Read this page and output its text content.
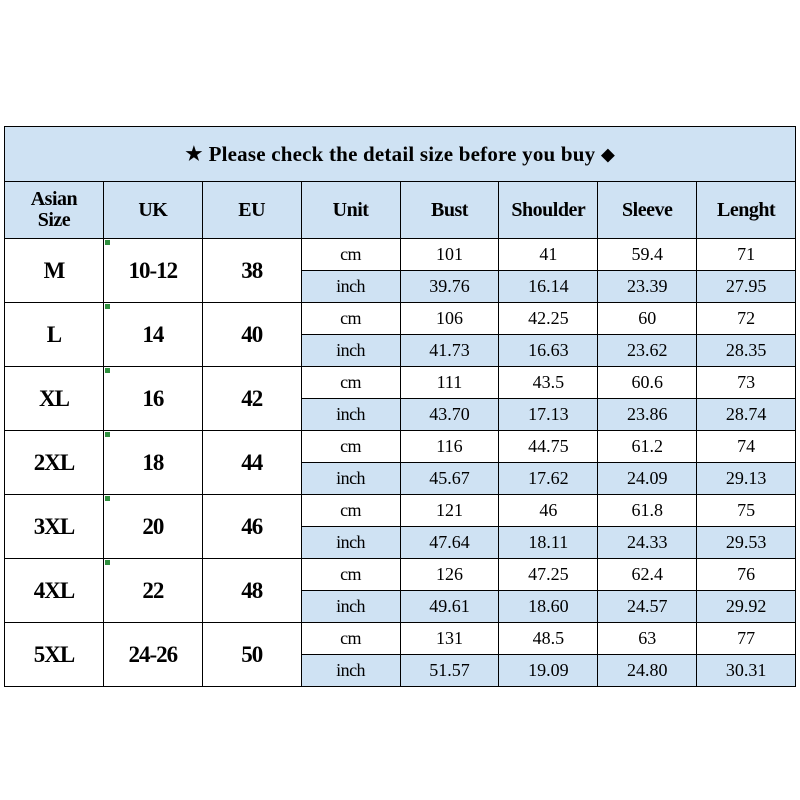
★ Please check the detail size before you buy ◆							

Asian
Size	UK	EU	Unit	Bust	Shoulder	Sleeve	Lenght
M	10-12	38	cm	101	41	59.4	71
			inch	39.76	16.14	23.39	27.95
L	14	40	cm	106	42.25	60	72
			inch	41.73	16.63	23.62	28.35
XL	16	42	cm	111	43.5	60.6	73
			inch	43.70	17.13	23.86	28.74
2XL	18	44	cm	116	44.75	61.2	74
			inch	45.67	17.62	24.09	29.13
3XL	20	46	cm	121	46	61.8	75
			inch	47.64	18.11	24.33	29.53
4XL	22	48	cm	126	47.25	62.4	76
			inch	49.61	18.60	24.57	29.92
5XL	24-26	50	cm	131	48.5	63	77
			inch	51.57	19.09	24.80	30.31
